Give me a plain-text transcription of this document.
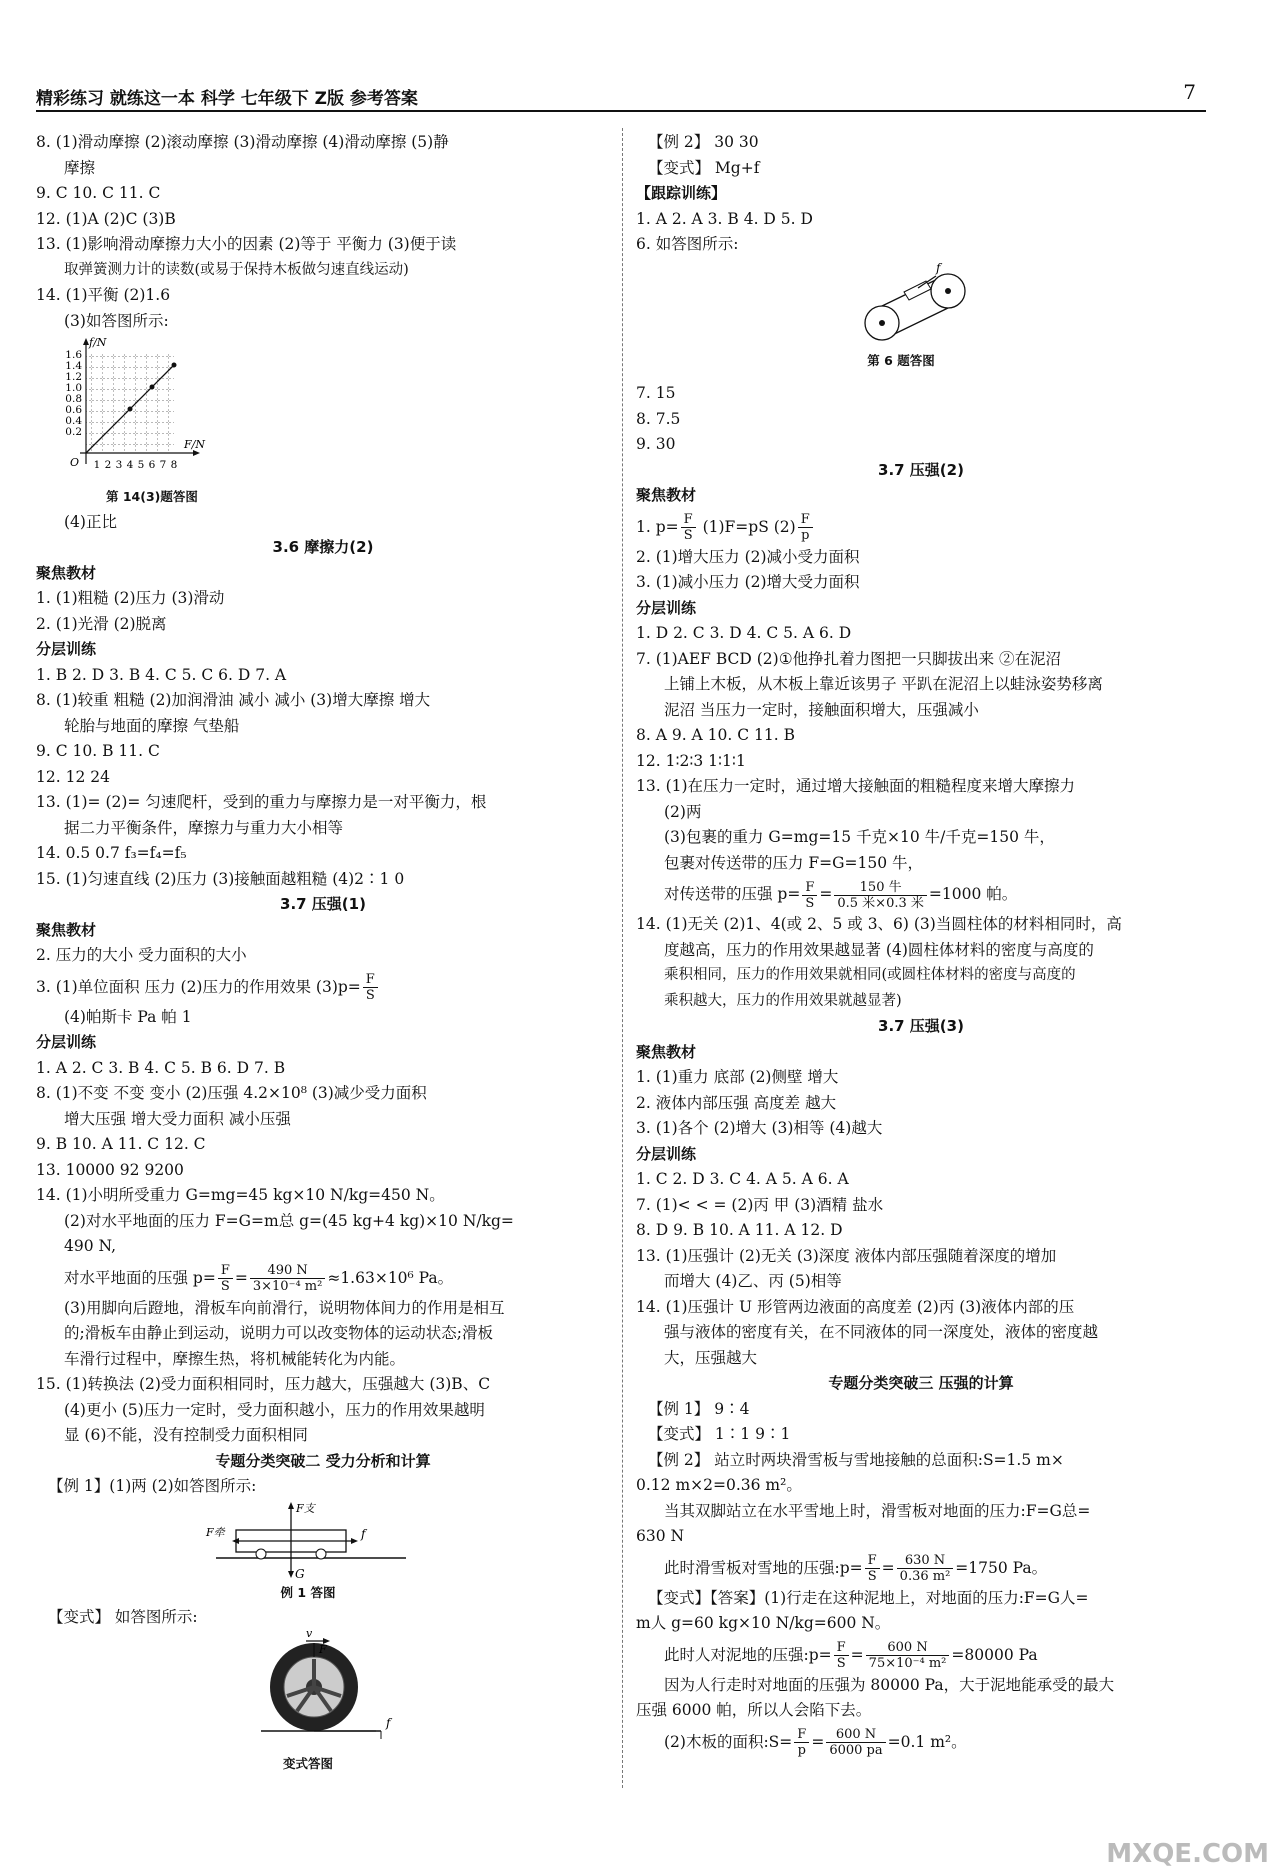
精彩练习 就练这一本 科学 七年级下 Z版 参考答案	7
8. (1)滑动摩擦 (2)滚动摩擦 (3)滑动摩擦 (4)滑动摩擦 (5)静
摩擦
9. C 10. C 11. C
12. (1)A (2)C (3)B
13. (1)影响滑动摩擦力大小的因素 (2)等于 平衡力 (3)便于读
取弹簧测力计的读数(或易于保持木板做匀速直线运动)
14. (1)平衡 (2)1.6
(3)如答图所示:
f/N
F/N
O
1.6
1.4
1.2
1.0
0.8
0.6
0.4
0.2
1 2 3 4 5 6 7 8
第 14(3)题答图
(4)正比
3.6 摩擦力(2)
聚焦教材
1. (1)粗糙 (2)压力 (3)滑动
2. (1)光滑 (2)脱离
分层训练
1. B 2. D 3. B 4. C 5. C 6. D 7. A
8. (1)较重 粗糙 (2)加润滑油 减小 减小 (3)增大摩擦 增大
轮胎与地面的摩擦 气垫船
9. C 10. B 11. C
12. 12 24
13. (1)= (2)= 匀速爬杆，受到的重力与摩擦力是一对平衡力，根
据二力平衡条件，摩擦力与重力大小相等
14. 0.5 0.7 f₃=f₄=f₅
15. (1)匀速直线 (2)压力 (3)接触面越粗糙 (4)2∶1 0
3.7 压强(1)
聚焦教材
2. 压力的大小 受力面积的大小
3. (1)单位面积 压力 (2)压力的作用效果 $(3)p= \frac{F}{S}$
(4)帕斯卡 Pa 帕 1
分层训练
1. A 2. C 3. B 4. C 5. B 6. D 7. B
8. (1)不变 不变 变小 (2)压强 4.2×10⁸ (3)减少受力面积
增大压强 增大受力面积 减小压强
9. B 10. A 11. C 12. C
13. 10000 92 9200
14. (1)小明所受重力 G=mg=45 kg×10 N/kg=450 N。
(2)对水平地面的压力 F=G=m总 g=(45 kg+4 kg)×10 N/kg=
490 N,
对水平地面的压强 $p= \frac{F}{S} = \frac{490 N}{\text{3×10⁻⁴ m²}} \approx 1.63\times 10^6$ Pa。
(3)用脚向后蹬地，滑板车向前滑行，说明物体间力的作用是相互
的;滑板车由静止到运动，说明力可以改变物体的运动状态;滑板
车滑行过程中，摩擦生热，将机械能转化为内能。
15. (1)转换法 (2)受力面积相同时，压力越大，压强越大 (3)B、C
(4)更小 (5)压力一定时，受力面积越小，压力的作用效果越明
显 (6)不能，没有控制受力面积相同
专题分类突破二 受力分析和计算
【例 1】(1)两 (2)如答图所示:
F支
F牵	f
G
例 1 答图
【变式】 如答图所示:
v
F
f
变式答图
【例 2】 30 30
【变式】 Mg+f
【跟踪训练】
1. A 2. A 3. B 4. D 5. D
6. 如答图所示:
f
第 6 题答图
7. 15
8. 7.5
9. 30
3.7 压强(2)
聚焦教材
1. $p= \frac{F}{S} (1)F=pS$ $(2) \frac{F}{p}$
2. (1)增大压力 (2)减小受力面积
3. (1)减小压力 (2)增大受力面积
分层训练
1. D 2. C 3. D 4. C 5. A 6. D
7. (1)AEF BCD (2)①他挣扎着力图把一只脚拔出来 ②在泥沼
上铺上木板，从木板上靠近该男子 平趴在泥沼上以蛙泳姿势移离
泥沼 当压力一定时，接触面积增大，压强减小
8. A 9. A 10. C 11. B
12. 1∶2∶3 1∶1∶1
13. (1)在压力一定时，通过增大接触面的粗糙程度来增大摩擦力
(2)两
(3)包裹的重力 G=mg=15 千克×10 牛/千克=150 牛，
包裹对传送带的压力 F=G=150 牛，
对传送带的压强 $p= \frac{F}{S} = \frac{\text{150 牛}}{\text{0.5 米×0.3 米}} =1000$ 帕。
14. (1)无关 (2)1、4(或 2、5 或 3、6) (3)当圆柱体的材料相同时，高
度越高，压力的作用效果越显著 (4)圆柱体材料的密度与高度的
乘积相同，压力的作用效果就相同(或圆柱体材料的密度与高度的
乘积越大，压力的作用效果就越显著)
3.7 压强(3)
聚焦教材
1. (1)重力 底部 (2)侧壁 增大
2. 液体内部压强 高度差 越大
3. (1)各个 (2)增大 (3)相等 (4)越大
分层训练
1. C 2. D 3. C 4. A 5. A 6. A
7. (1)< < = (2)丙 甲 (3)酒精 盐水
8. D 9. B 10. A 11. A 12. D
13. (1)压强计 (2)无关 (3)深度 液体内部压强随着深度的增加
而增大 (4)乙、丙 (5)相等
14. (1)压强计 U 形管两边液面的高度差 (2)丙 (3)液体内部的压
强与液体的密度有关，在不同液体的同一深度处，液体的密度越
大，压强越大
专题分类突破三 压强的计算
【例 1】 9∶4
【变式】 1∶1 9∶1
【例 2】 站立时两块滑雪板与雪地接触的总面积:S=1.5 m×
0.12 m×2=0.36 m²。
当其双脚站立在水平雪地上时，滑雪板对地面的压力:F=G总=
630 N
此时滑雪板对雪地的压强:p= $\frac{F}{S} = \frac{630 N}{\text{0.36 m²}} =1750$ Pa。
【变式】【答案】(1)行走在这种泥地上，对地面的压力:F=G人=
m人 g=60 kg×10 N/kg=600 N。
此时人对泥地的压强:p= $\frac{F}{S} = \frac{600 N}{\text{75×10⁻⁴ m²}} =80000$ Pa
因为人行走时对地面的压强为 80000 Pa，大于泥地能承受的最大
压强 6000 帕，所以人会陷下去。
(2)木板的面积:S= $\frac{F}{p} = \frac{600 N}{6000 pa} =0.1$ m²。
MXQE.COM
